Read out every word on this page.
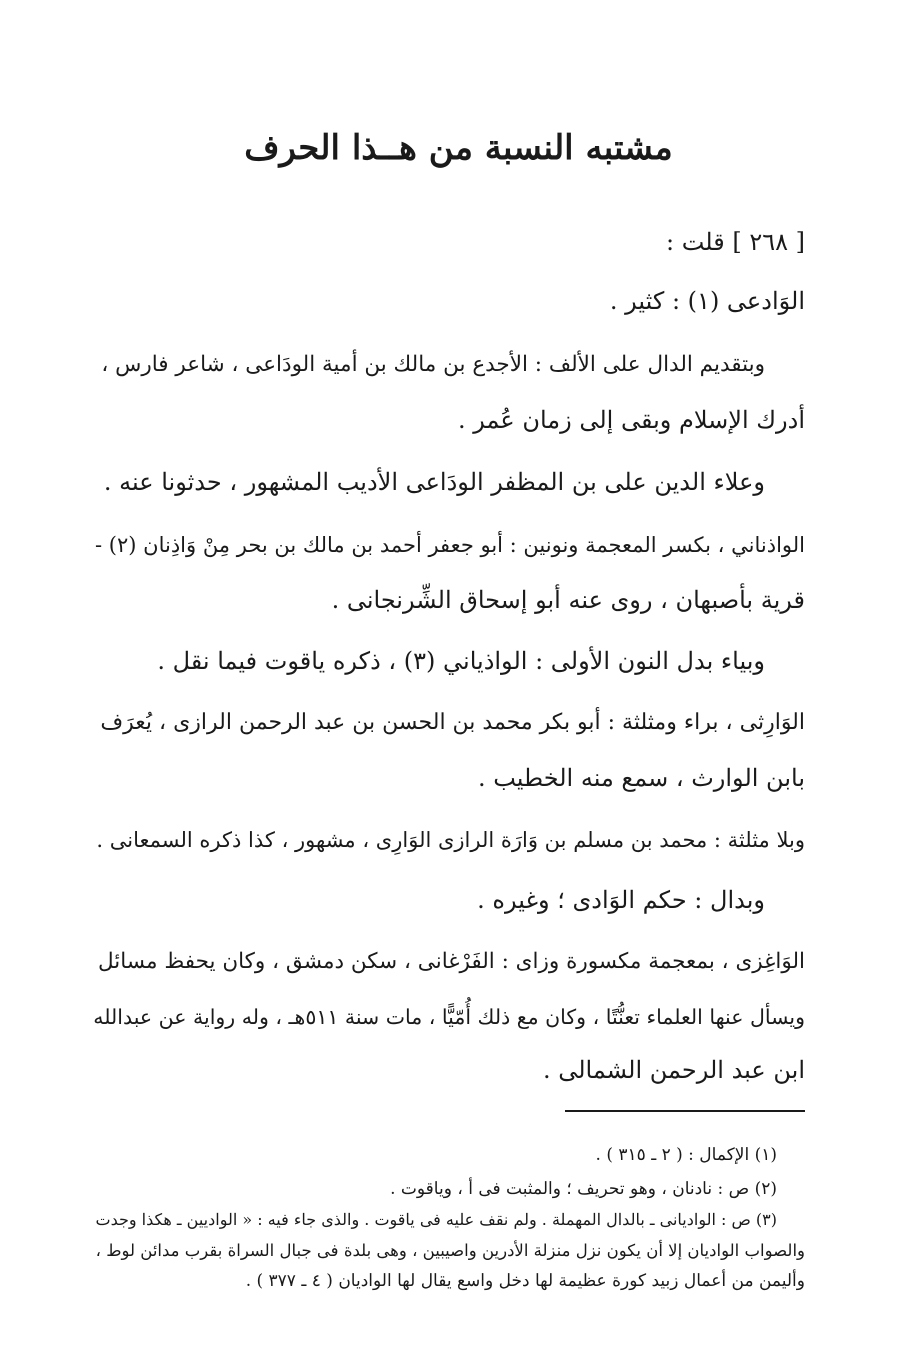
مشتبه النسبة من هــذا الحرف

[ ٢٦٨ ] قلت :

الوَادعى (١) : كثير .

وبتقديم الدال على الألف : الأجدع بن مالك بن أمية الودَاعى ، شاعر فارس ،

أدرك الإسلام وبقى إلى زمان عُمر .

وعلاء الدين على بن المظفر الودَاعى الأديب المشهور ، حدثونا عنه .

الواذناني ، بكسر المعجمة ونونين : أبو جعفر أحمد بن مالك بن بحر مِنْ وَاذِنان (٢) -

قرية بأصبهان ، روى عنه أبو إسحاق الشِّرنجانى .

وبياء بدل النون الأولى : الواذياني (٣) ، ذكره ياقوت فيما نقل .

الوَارِثى ، براء ومثلثة : أبو بكر محمد بن الحسن بن عبد الرحمن الرازى ، يُعرَف

بابن الوارث ، سمع منه الخطيب .

وبلا مثلثة : محمد بن مسلم بن وَارَة الرازى الوَارِى ، مشهور ، كذا ذكره السمعانى .

وبدال : حكم الوَادى ؛ وغيره .

الوَاغِزى ، بمعجمة مكسورة وزاى : الفَرْغانى ، سكن دمشق ، وكان يحفظ مسائل

ويسأل عنها العلماء تعنُّتًا ، وكان مع ذلك أُمّيًّا ، مات سنة ٥١١هـ ، وله رواية عن عبدالله

ابن عبد الرحمن الشمالى .

(١) الإكمال : ( ٢ ـ ٣١٥ ) .

(٢) ص : نادنان ، وهو تحريف ؛ والمثبت فى أ ، وياقوت .

(٣) ص : الواديانى ـ بالدال المهملة . ولم نقف عليه فى ياقوت . والذى جاء فيه : « الواديين ـ هكذا وجدت

والصواب الواديان إلا أن يكون نزل منزلة الأدرين واصيبين ، وهى بلدة فى جبال السراة بقرب مدائن لوط ،

وأليمن من أعمال زبيد كورة عظيمة لها دخل واسع يقال لها الواديان ( ٤ ـ ٣٧٧ ) .
